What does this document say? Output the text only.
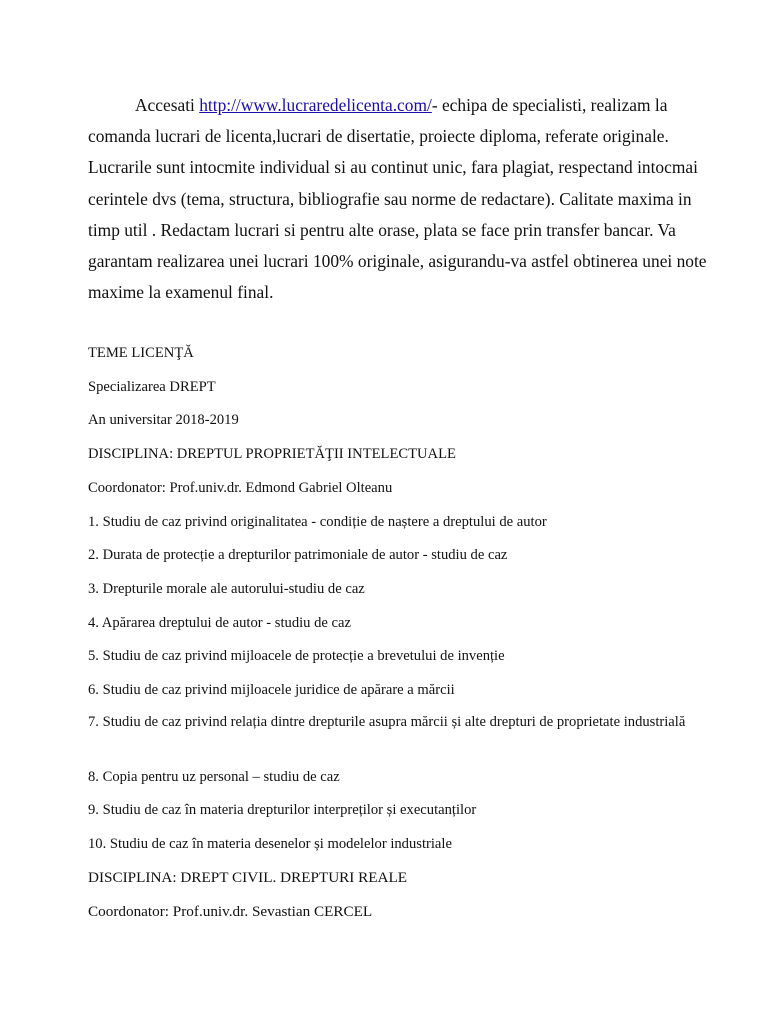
Accesati http://www.lucraredelicenta.com/- echipa de specialisti, realizam la comanda lucrari de licenta,lucrari de disertatie, proiecte diploma, referate originale. Lucrarile sunt intocmite individual si au continut unic, fara plagiat, respectand intocmai cerintele dvs (tema, structura, bibliografie sau norme de redactare). Calitate maxima in timp util . Redactam lucrari si pentru alte orase, plata se face prin transfer bancar. Va garantam realizarea unei lucrari 100% originale, asigurandu-va astfel obtinerea unei note maxime la examenul final.

TEME LICENŢĂ

Specializarea DREPT

An universitar 2018-2019

DISCIPLINA: DREPTUL PROPRIETĂŢII INTELECTUALE

Coordonator: Prof.univ.dr. Edmond Gabriel Olteanu

1. Studiu de caz privind originalitatea - condiție de naștere a dreptului de autor

2. Durata de protecție a drepturilor patrimoniale de autor - studiu de caz

3. Drepturile morale ale autorului-studiu de caz

4. Apărarea dreptului de autor - studiu de caz

5. Studiu de caz privind mijloacele de protecție a brevetului de invenție

6. Studiu de caz privind mijloacele juridice de apărare a mărcii

7. Studiu de caz privind relația dintre drepturile asupra mărcii și alte drepturi de proprietate industrială

8. Copia pentru uz personal – studiu de caz

9. Studiu de caz în materia drepturilor interpreților și executanților

10. Studiu de caz în materia desenelor și modelelor industriale

DISCIPLINA: DREPT CIVIL. DREPTURI REALE

Coordonator: Prof.univ.dr. Sevastian CERCEL
